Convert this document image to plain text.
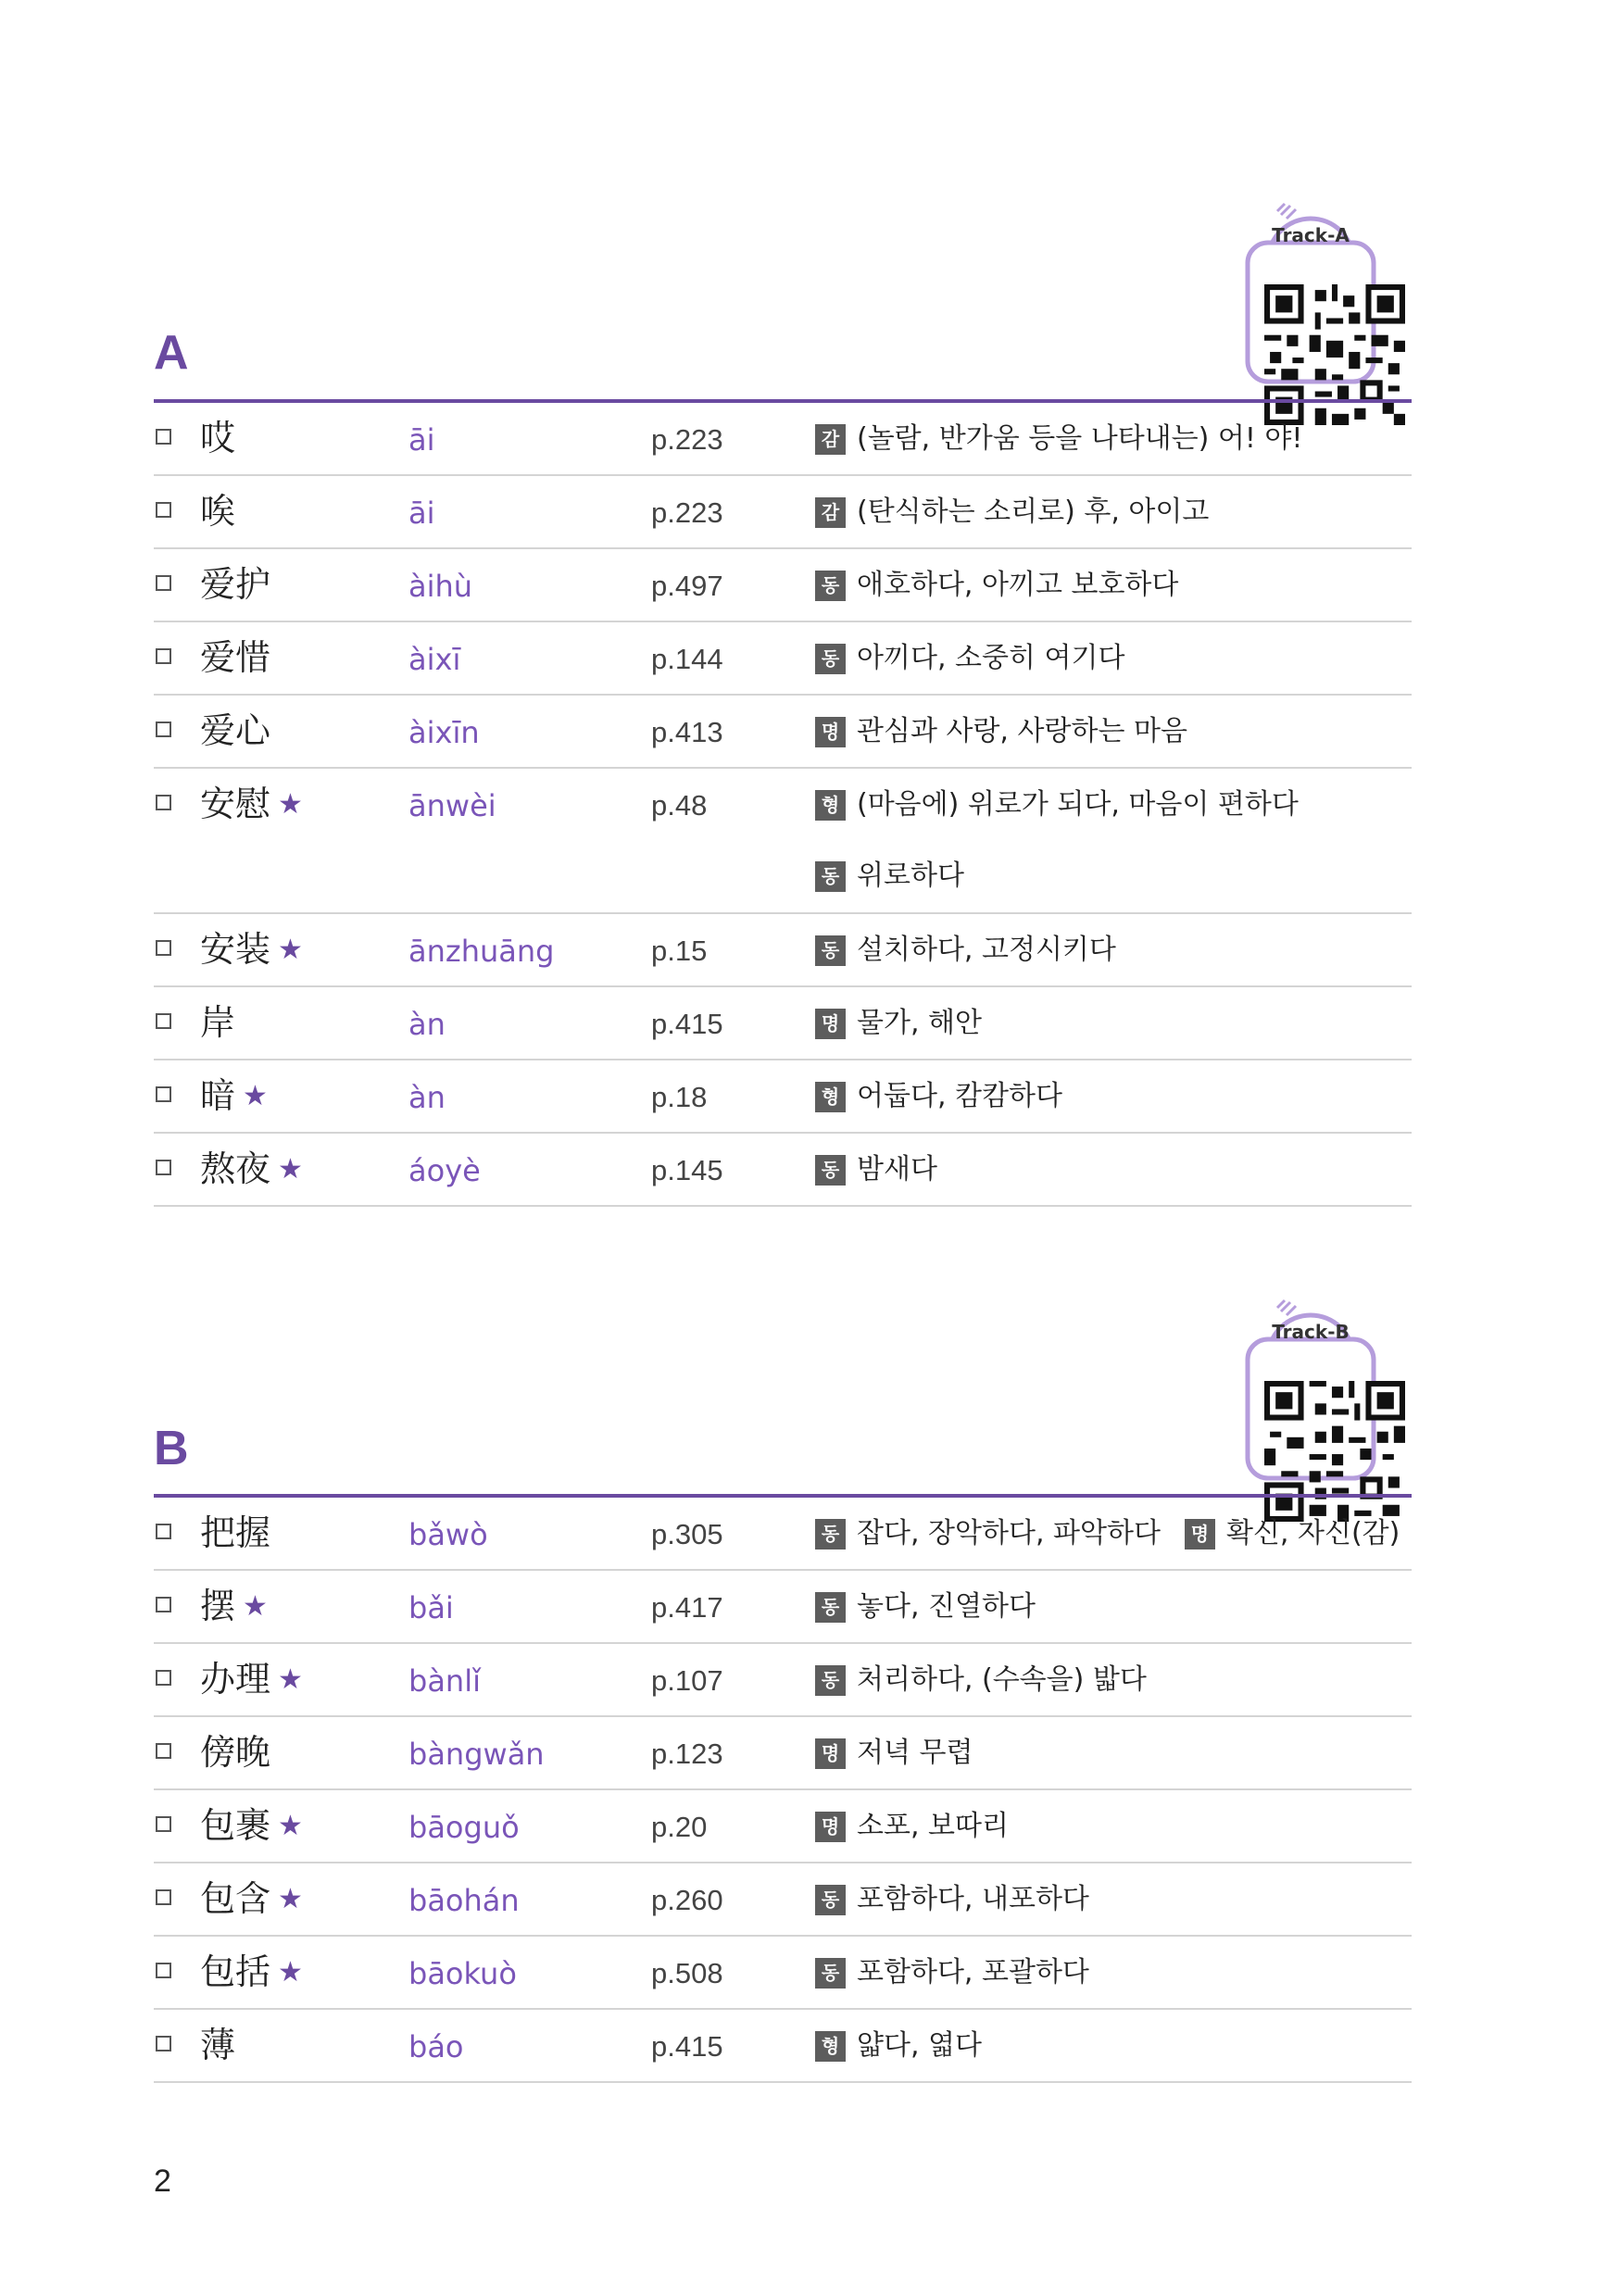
A
Track-A
哎	āi	p.223	감 (놀람, 반가움 등을 나타내는) 어! 야!
唉	āi	p.223	감 (탄식하는 소리로) 후, 아이고
爱护	àihù	p.497	동 애호하다, 아끼고 보호하다
爱惜	àixī	p.144	동 아끼다, 소중히 여기다
爱心	àixīn	p.413	명 관심과 사랑, 사랑하는 마음
安慰 ★	ānwèi	p.48	형 (마음에) 위로가 되다, 마음이 편하다
동 위로하다
安装 ★	ānzhuāng	p.15	동 설치하다, 고정시키다
岸	àn	p.415	명 물가, 해안
暗 ★	àn	p.18	형 어둡다, 캄캄하다
熬夜 ★	áoyè	p.145	동 밤새다
B
Track-B
把握	bǎwò	p.305	동 잡다, 장악하다, 파악하다 명 확신, 자신(감)
摆 ★	bǎi	p.417	동 놓다, 진열하다
办理 ★	bànlǐ	p.107	동 처리하다, (수속을) 밟다
傍晚	bàngwǎn	p.123	명 저녁 무렵
包裹 ★	bāoguǒ	p.20	명 소포, 보따리
包含 ★	bāohán	p.260	동 포함하다, 내포하다
包括 ★	bāokuò	p.508	동 포함하다, 포괄하다
薄	báo	p.415	형 얇다, 엷다
2
